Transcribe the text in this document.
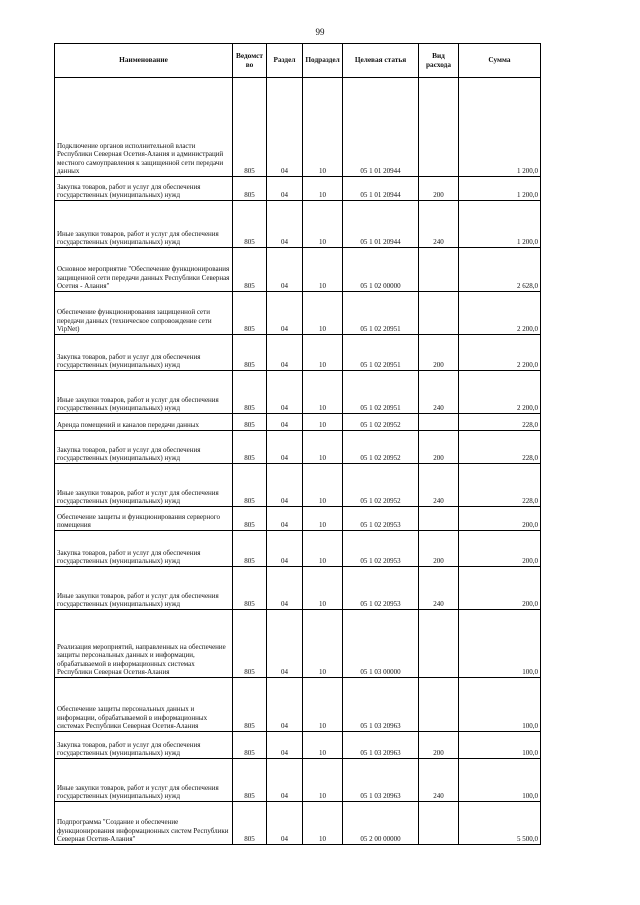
99
Наименование	Ведомст во	Раздел	Подраздел	Целевая статья	Вид расхода	Сумма
Подключение органов исполнительной власти Республики Северная Осетия-Алания и администраций местного самоуправления к защищенной сети передачи данных	805	04	10	05 1 01 20944		1 200,0
Закупка товаров, работ и услуг для обеспечения государственных (муниципальных) нужд	805	04	10	05 1 01 20944	200	1 200,0
Иные закупки товаров, работ и услуг для обеспечения государственных (муниципальных) нужд	805	04	10	05 1 01 20944	240	1 200,0
Основное мероприятие "Обеспечение функционирования защищенной сети передачи данных Республики Северная Осетия - Алания"	805	04	10	05 1 02 00000		2 628,0
Обеспечение функционирования защищенной сети передачи данных (техническое сопровождение сети VipNet)	805	04	10	05 1 02 20951		2 200,0
Закупка товаров, работ и услуг для обеспечения государственных (муниципальных) нужд	805	04	10	05 1 02 20951	200	2 200,0
Иные закупки товаров, работ и услуг для обеспечения государственных (муниципальных) нужд	805	04	10	05 1 02 20951	240	2 200,0
Аренда помещений и каналов передачи данных	805	04	10	05 1 02 20952		228,0
Закупка товаров, работ и услуг для обеспечения государственных (муниципальных) нужд	805	04	10	05 1 02 20952	200	228,0
Иные закупки товаров, работ и услуг для обеспечения государственных (муниципальных) нужд	805	04	10	05 1 02 20952	240	228,0
Обеспечение защиты и функционирования серверного помещения	805	04	10	05 1 02 20953		200,0
Закупка товаров, работ и услуг для обеспечения государственных (муниципальных) нужд	805	04	10	05 1 02 20953	200	200,0
Иные закупки товаров, работ и услуг для обеспечения государственных (муниципальных) нужд	805	04	10	05 1 02 20953	240	200,0
Реализация мероприятий, направленных на обеспечение защиты персональных данных и информации, обрабатываемой в информационных системах Республики Северная Осетия-Алания	805	04	10	05 1 03 00000		100,0
Обеспечение защиты персональных данных и информации, обрабатываемой в информационных системах Республики Северная Осетия-Алания	805	04	10	05 1 03 20963		100,0
Закупка товаров, работ и услуг для обеспечения государственных (муниципальных) нужд	805	04	10	05 1 03 20963	200	100,0
Иные закупки товаров, работ и услуг для обеспечения государственных (муниципальных) нужд	805	04	10	05 1 03 20963	240	100,0
Подпрограмма "Создание и обеспечение функционирования информационных систем Республики Северная Осетия-Алания"	805	04	10	05 2 00 00000		5 500,0
